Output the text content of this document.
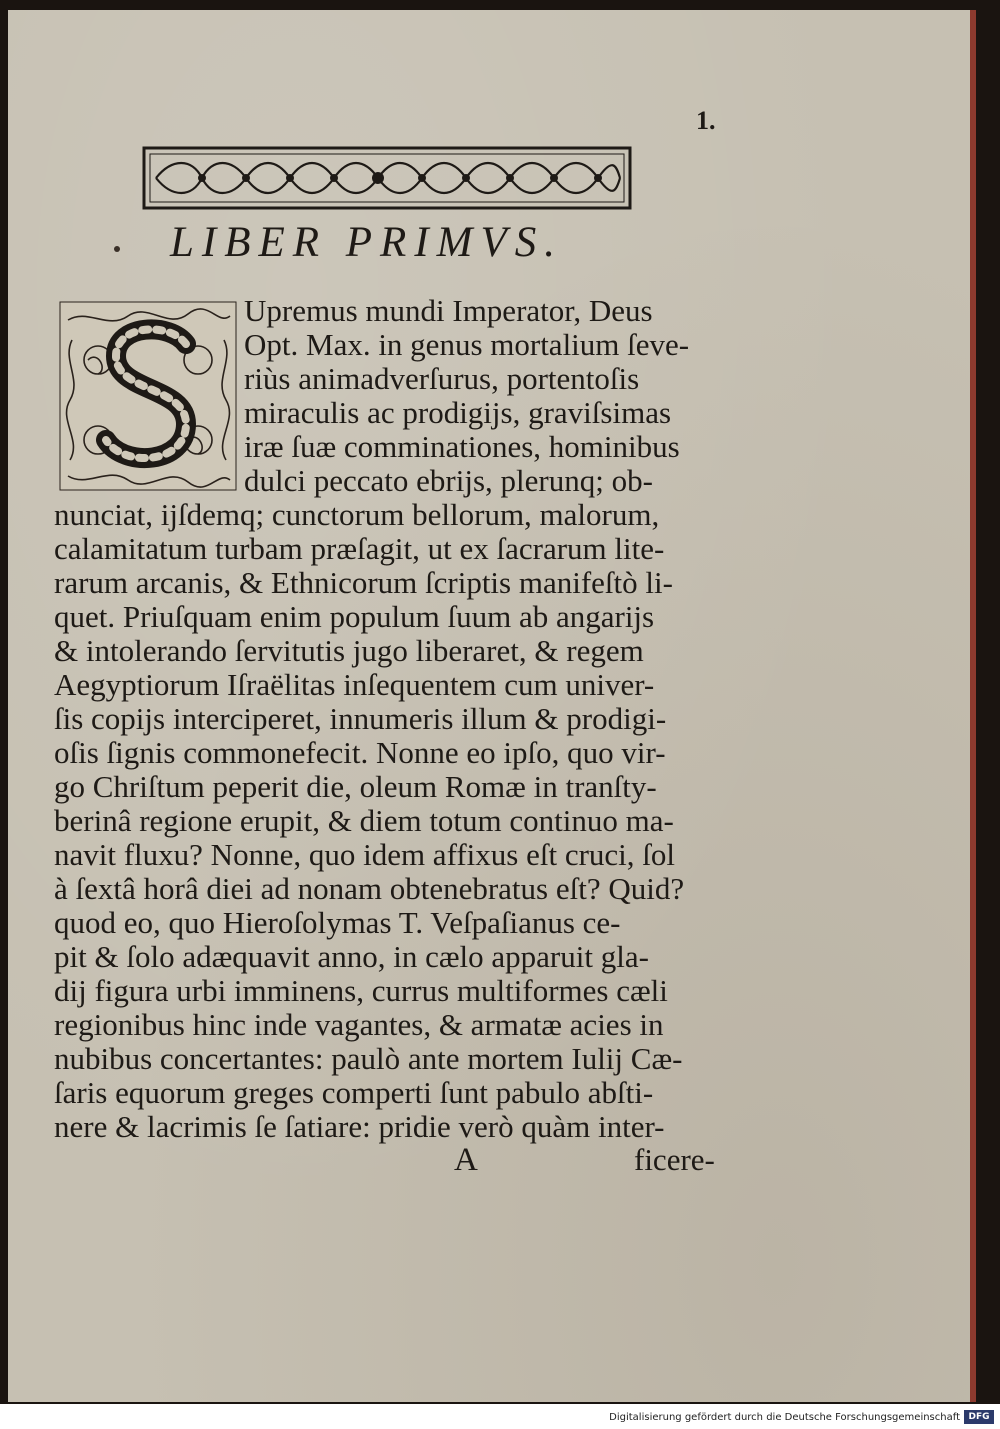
1.
LIBER PRIMVS.
Upremus mundi Imperator, Deus
Opt. Max. in genus mortalium ſeve-
riùs animadverſurus, portentoſis
miraculis ac prodigijs, graviſsimas
iræ ſuæ comminationes, hominibus
dulci peccato ebrijs, plerunq; ob-
nunciat, ijſdemq; cunctorum bellorum, malorum,
calamitatum turbam præſagit, ut ex ſacrarum lite-
rarum arcanis, & Ethnicorum ſcriptis manifeſtò li-
quet. Priuſquam enim populum ſuum ab angarijs
& intolerando ſervitutis jugo liberaret, & regem
Aegyptiorum Iſraëlitas inſequentem cum univer-
ſis copijs interciperet, innumeris illum & prodigi-
oſis ſignis commonefecit. Nonne eo ipſo, quo vir-
go Chriſtum peperit die, oleum Romæ in tranſty-
berinâ regione erupit, & diem totum continuo ma-
navit fluxu? Nonne, quo idem affixus eſt cruci, ſol
à ſextâ horâ diei ad nonam obtenebratus eſt? Quid?
quod eo, quo Hieroſolymas T. Veſpaſianus ce-
pit & ſolo adæquavit anno, in cælo apparuit gla-
dij figura urbi imminens, currus multiformes cæli
regionibus hinc inde vagantes, & armatæ acies in
nubibus concertantes: paulò ante mortem Iulij Cæ-
ſaris equorum greges comperti ſunt pabulo abſti-
nere & lacrimis ſe ſatiare: pridie verò quàm inter-
A	ficere-
Digitalisierung gefördert durch die Deutsche Forschungsgemeinschaft DFG
